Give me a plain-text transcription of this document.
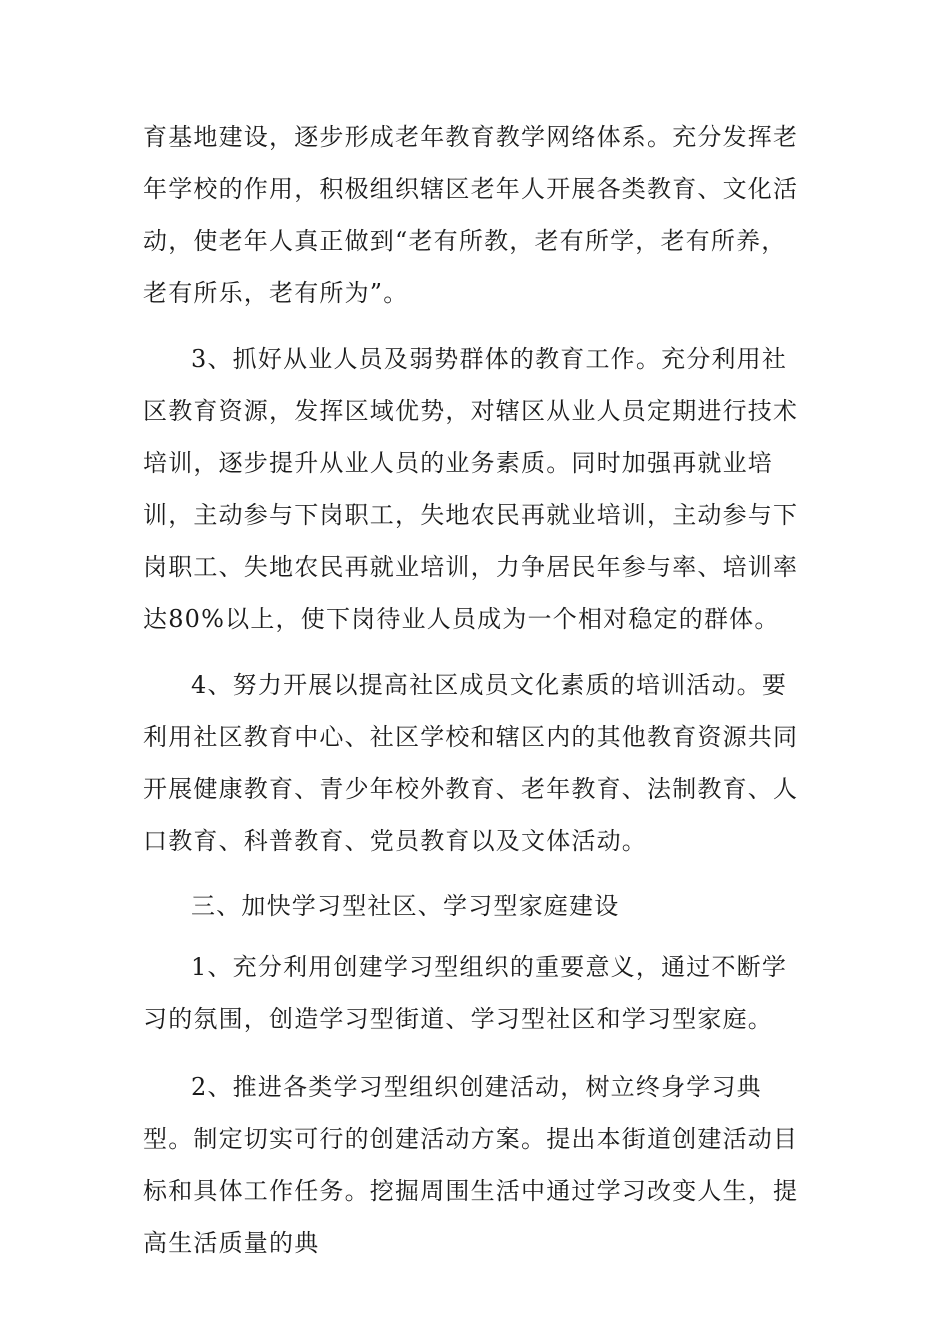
育基地建设，逐步形成老年教育教学网络体系。充分发挥老年学校的作用，积极组织辖区老年人开展各类教育、文化活动，使老年人真正做到“老有所教，老有所学，老有所养，老有所乐，老有所为”。

3、抓好从业人员及弱势群体的教育工作。充分利用社区教育资源，发挥区域优势，对辖区从业人员定期进行技术培训，逐步提升从业人员的业务素质。同时加强再就业培训，主动参与下岗职工，失地农民再就业培训，主动参与下岗职工、失地农民再就业培训，力争居民年参与率、培训率达80%以上，使下岗待业人员成为一个相对稳定的群体。

4、努力开展以提高社区成员文化素质的培训活动。要利用社区教育中心、社区学校和辖区内的其他教育资源共同开展健康教育、青少年校外教育、老年教育、法制教育、人口教育、科普教育、党员教育以及文体活动。

三、加快学习型社区、学习型家庭建设

1、充分利用创建学习型组织的重要意义，通过不断学习的氛围，创造学习型街道、学习型社区和学习型家庭。

2、推进各类学习型组织创建活动，树立终身学习典型。制定切实可行的创建活动方案。提出本街道创建活动目标和具体工作任务。挖掘周围生活中通过学习改变人生，提高生活质量的典
